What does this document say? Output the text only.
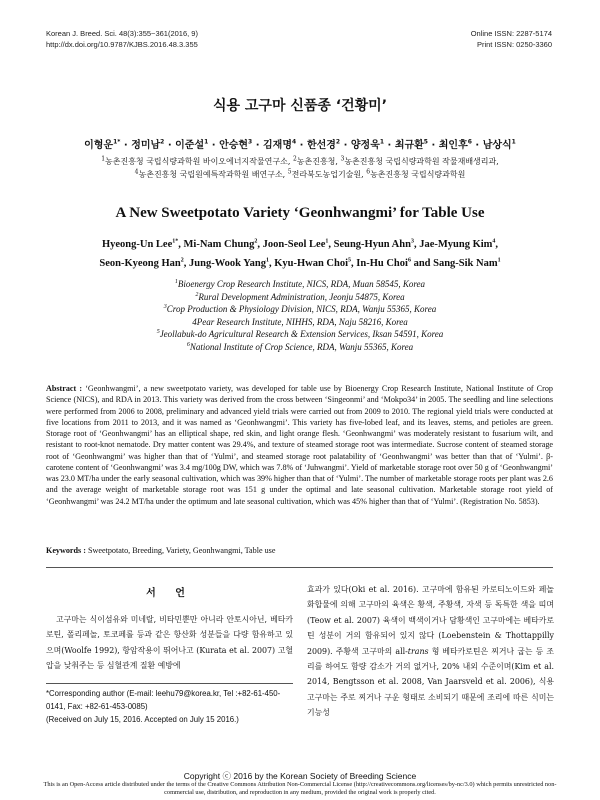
Korean J. Breed. Sci. 48(3):355~361(2016, 9)
http://dx.doi.org/10.9787/KJBS.2016.48.3.355
Online ISSN: 2287-5174
Print ISSN: 0250-3360
식용 고구마 신품종 ‘건황미’
이형운$^{1*}$ · 정미남$^2$ · 이준설$^1$ · 안승현$^3$ · 김재명$^4$ · 한선경$^2$ · 양정욱$^1$ · 최규환$^5$ · 최인후$^6$ · 남상식$^1$
$^1$농촌진흥청 국립식량과학원 바이오에너지작물연구소, $^2$농촌진흥청, $^3$농촌진흥청 국립식량과학원 작물재배생리과,
$^4$농촌진흥청 국립원예특작과학원 배연구소, $^5$전라북도농업기술원, $^6$농촌진흥청 국립식량과학원
A New Sweetpotato Variety ‘Geonhwangmi’ for Table Use
Hyeong-Un Lee$^{1*}$, Mi-Nam Chung$^2$, Joon-Seol Lee$^1$, Seung-Hyun Ahn$^3$, Jae-Myung Kim$^4$,
Seon-Kyeong Han$^2$, Jung-Wook Yang$^1$, Kyu-Hwan Choi$^5$, In-Hu Choi$^6$ and Sang-Sik Nam$^1$
$^1$Bioenergy Crop Research Institute, NICS, RDA, Muan 58545, Korea
$^2$Rural Development Administration, Jeonju 54875, Korea
$^3$Crop Production & Physiology Division, NICS, RDA, Wanju 55365, Korea
4Pear Research Institute, NIHHS, RDA, Naju 58216, Korea
$^5$Jeollabuk-do Agricultural Research & Extension Services, Iksan 54591, Korea
$^6$National Institute of Crop Science, RDA, Wanju 55365, Korea
Abstract : ‘Geonhwangmi’, a new sweetpotato variety, was developed for table use by Bioenergy Crop Research Institute, National Institute of Crop Science (NICS), and RDA in 2013. This variety was derived from the cross between ‘Singeonmi’ and ‘Mokpo34’ in 2005. The seedling and line selections were performed from 2006 to 2008, preliminary and advanced yield trials were carried out from 2009 to 2010. The regional yield trials were conducted at five locations from 2011 to 2013, and it was named as ‘Geonhwangmi’. This variety has five-lobed leaf, and its leaves, stems, and petioles are green. Storage root of ‘Geonhwangmi’ has an elliptical shape, red skin, and light orange flesh. ‘Geonhwangmi’ was moderately resistant to fusarium wilt, and resistant to root-knot nematode. Dry matter content was 29.4%, and texture of steamed storage root was intermediate. Sucrose content of steamed storage root of ‘Geonhwangmi’ was higher than that of ‘Yulmi’, and steamed storage root palatability of ‘Geonhwangmi’ was better than that of ‘Yulmi’. β-carotene content of ‘Geonhwangmi’ was 3.4 mg/100g DW, which was 7.8% of ‘Juhwangmi’. Yield of marketable storage root over 50 g of ‘Geonhwangmi’ was 23.0 MT/ha under the early seasonal cultivation, which was 39% higher than that of ‘Yulmi’. The number of marketable storage roots per plant was 2.6 and the average weight of marketable storage root was 151 g under the optimal and late seasonal cultivation. Marketable storage root yield of ‘Geonhwangmi’ was 24.2 MT/ha under the optimum and late seasonal cultivation, which was 45% higher than that of ‘Yulmi’. (Registration No. 5853).
Keywords : Sweetpotato, Breeding, Variety, Geonhwangmi, Table use
서 언

고구마는 식이섬유와 미네랄, 비타민뿐만 아니라 안토시아닌, 베타카로틴, 폴리페놀, 토코페롤 등과 같은 항산화 성분들을 다량 함유하고 있으며(Woolfe 1992), 항암작용이 뛰어나고 (Kurata et al. 2007) 고혈압을 낮춰주는 등 심혈관계 질환 예방에

효과가 있다(Oki et al. 2016). 고구마에 함유된 카로티노이드와 페놀 화합물에 의해 고구마의 육색은 황색, 주황색, 자색 등 독특한 색을 띠며(Teow et al. 2007) 육색이 백색이거나 담황색인 고구마에는 베타카로틴 성분이 거의 함유되어 있지 않다 (Loebenstein & Thottappilly 2009). 주황색 고구마의 all-trans 형 베타카로틴은 찌거나 굽는 등 조리를 하여도 함량 감소가 거의 없거나, 20% 내외 수준이며(Kim et al. 2014, Bengtsson et al. 2008, Van Jaarsveld et al. 2006), 식용 고구마는 주로 찌거나 구운 형태로 소비되기 때문에 조리에 따른 식미는 기능성

*Corresponding author (E-mail: leehu79@korea.kr, Tel :+82-61-450-0141, Fax: +82-61-453-0085)
(Received on July 15, 2016. Accepted on July 15 2016.)
Copyright ⓒ 2016 by the Korean Society of Breeding Science
This is an Open-Access article distributed under the terms of the Creative Commons Attribution Non-Commercial License (http://creativecommons.org/licenses/by-nc/3.0) which permits unrestricted non-commercial use, distribution, and reproduction in any medium, provided the original work is properly cited.
